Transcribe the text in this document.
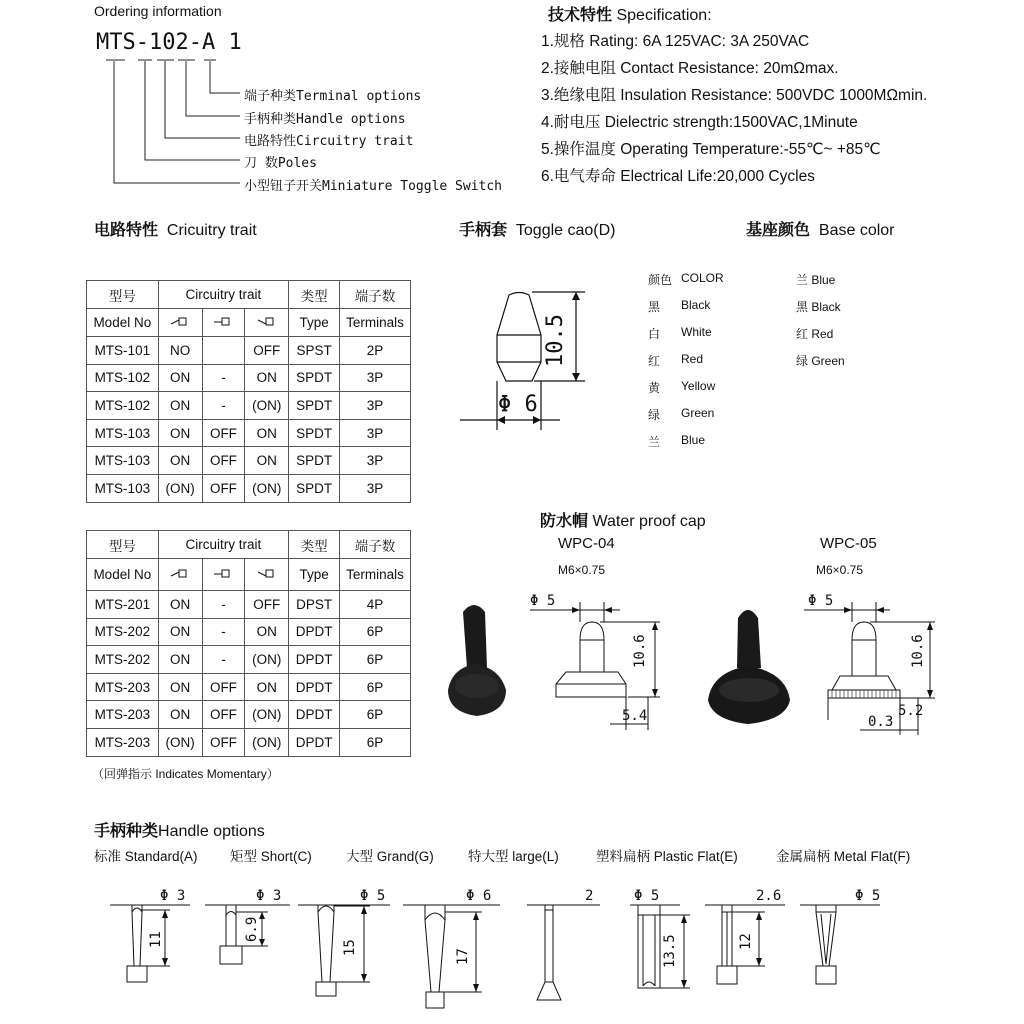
Ordering information
MTS-102-A 1
端子种类Terminal options
手柄种类Handle options
电路特性Circuitry trait
刀 数Poles
小型钮子开关Miniature Toggle Switch
技术特性 Specification:
1.规格 Rating: 6A 125VAC: 3A 250VAC
2.接触电阻 Contact Resistance: 20mΩmax.
3.绝缘电阻 Insulation Resistance: 500VDC 1000MΩmin.
4.耐电压 Dielectric strength:1500VAC,1Minute
5.操作温度 Operating Temperature:-55℃~ +85℃
6.电气寿命 Electrical Life:20,000 Cycles
电路特性 Cricuitry trait
型号	Circuitry trait			类型	端子数
Model No				Type	Terminals
MTS-101	NO		OFF	SPST	2P
MTS-102	ON	-	ON	SPDT	3P
MTS-102	ON	-	(ON)	SPDT	3P
MTS-103	ON	OFF	ON	SPDT	3P
MTS-103	ON	OFF	ON	SPDT	3P
MTS-103	(ON)	OFF	(ON)	SPDT	3P
型号	Circuitry trait			类型	端子数
Model No				Type	Terminals
MTS-201	ON	-	OFF	DPST	4P
MTS-202	ON	-	ON	DPDT	6P
MTS-202	ON	-	(ON)	DPDT	6P
MTS-203	ON	OFF	ON	DPDT	6P
MTS-203	ON	OFF	(ON)	DPDT	6P
MTS-203	(ON)	OFF	(ON)	DPDT	6P
（回弹指示 Indicates Momentary）
手柄套 Toggle cao(D)
10.5
Φ 6
基座颜色 Base color
颜色 COLOR
黑 Black
白 White
红 Red
黄 Yellow
绿 Green
兰 Blue
兰 Blue
黑 Black
红 Red
绿 Green
防水帽 Water proof cap
WPC-04
M6×0.75
WPC-05
M6×0.75
Φ 5
10.6
5.4
Φ 5
10.6
5.2
0.3
手柄种类Handle options
标准 Standard(A) 矩型 Short(C)	大型 Grand(G)	特大型 large(L)	塑料扁柄 Plastic Flat(E)	金属扁柄 Metal Flat(F)
Φ 3
11
Φ 3
6.9
Φ 5
15
Φ 6
17
2	Φ 5
13.5
2.6
12
Φ 5
